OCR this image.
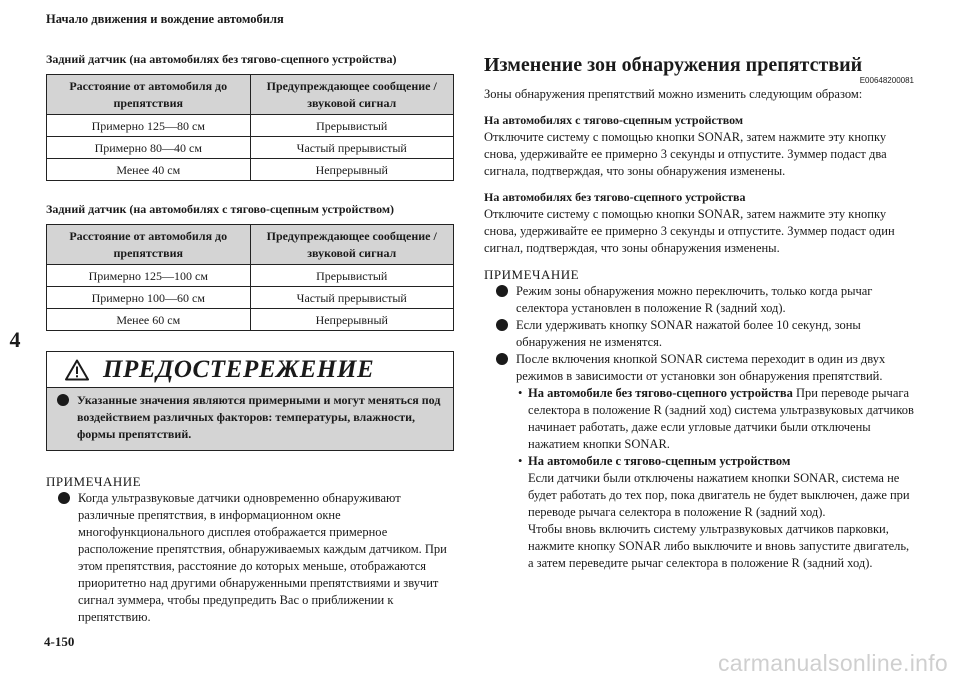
Начало движения и вождение автомобиля
4
Задний датчик (на автомобилях без тягово-сцепного устройства)
Расстояние от автомобиля до препятствия	Предупреждающее сообщение / звуковой сигнал
Примерно 125—80 см	Прерывистый
Примерно 80—40 см	Частый прерывистый
Менее 40 см	Непрерывный
Задний датчик (на автомобилях с тягово-сцепным устройством)
Расстояние от автомобиля до препятствия	Предупреждающее сообщение / звуковой сигнал
Примерно 125—100 см	Прерывистый
Примерно 100—60 см	Частый прерывистый
Менее 60 см	Непрерывный
ПРЕДОСТЕРЕЖЕНИЕ
Указанные значения являются примерными и могут меняться под воздействием различных факторов: температуры, влажности, формы препятствий.
ПРИМЕЧАНИЕ
Когда ультразвуковые датчики одновременно обнаруживают различные препятствия, в информационном окне многофункционального дисплея отображается примерное расположение препятствия, обнаруживаемых каждым датчиком. При этом препятствия, расстояние до которых меньше, отображаются приоритетно над другими обнаруженными препятствиями и звучит сигнал зуммера, чтобы предупредить Вас о приближении к препятствию.
Изменение зон обнаружения препятствий
E00648200081
Зоны обнаружения препятствий можно изменить следующим образом:
На автомобилях с тягово-сцепным устройством
Отключите систему с помощью кнопки SONAR, затем нажмите эту кнопку снова, удерживайте ее примерно 3 секунды и отпустите. Зуммер подаст два сигнала, подтверждая, что зоны обнаружения изменены.
На автомобилях без тягово-сцепного устройства
Отключите систему с помощью кнопки SONAR, затем нажмите эту кнопку снова, удерживайте ее примерно 3 секунды и отпустите. Зуммер подаст один сигнал, подтверждая, что зоны обнаружения изменены.
ПРИМЕЧАНИЕ
Режим зоны обнаружения можно переключить, только когда рычаг селектора установлен в положение R (задний ход).
Если удерживать кнопку SONAR нажатой более 10 секунд, зоны обнаружения не изменятся.
После включения кнопкой SONAR система переходит в один из двух режимов в зависимости от установки зон обнаружения препятствий.
• На автомобиле без тягово-сцепного устройства При переводе рычага селектора в положение R (задний ход) система ультразвуковых датчиков начинает работать, даже если угловые датчики были отключены нажатием кнопки SONAR.
• На автомобиле с тягово-сцепным устройством
Если датчики были отключены нажатием кнопки SONAR, система не будет работать до тех пор, пока двигатель не будет выключен, даже при переводе рычага селектора в положение R (задний ход).
Чтобы вновь включить систему ультразвуковых датчиков парковки, нажмите кнопку SONAR либо выключите и вновь запустите двигатель, а затем переведите рычаг селектора в положение R (задний ход).
4-150
carmanualsonline.info
